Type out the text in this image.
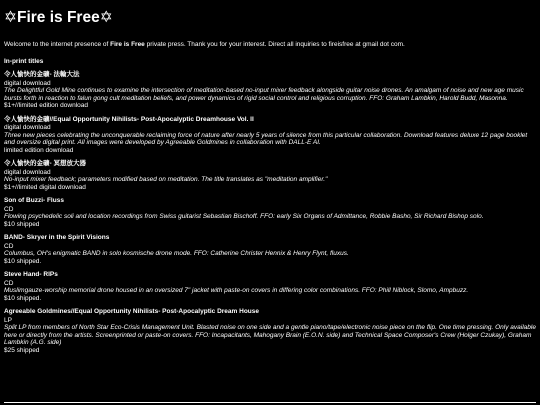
✡Fire is Free✡
Welcome to the internet presence of Fire is Free private press. Thank you for your interest. Direct all inquiries to fireisfree at gmail dot com.
In-print titles
令人愉快的金礦- 法輪大法
digital download
The Delightful Gold Mine continues to examine the intersection of meditation-based no-input mixer feedback alongside guitar noise drones. An amalgam of noise and new age music bursts forth in reaction to falun gong cult meditation beliefs, and power dynamics of rigid social control and religious corruption. FFO: Graham Lambkin, Harold Budd, Masonna.
$1+//limited edition download
令人愉快的金礦//Equal Opportunity Nihilists- Post-Apocalyptic Dreamhouse Vol. II
digital download
Three new pieces celebrating the unconquerable reclaiming force of nature after nearly 5 years of silence from this particular collaboration. Download features deluxe 12 page booklet and oversize digital print. All images were developed by Agreeable Goldmines in collaboration with DALL-E AI.
limited edition download
令人愉快的金礦- 冥想放大器
digital download
No-input mixer feedback; parameters modified based on meditation. The title translates as "meditation amplifier."
$1+//limited digital download
Son of Buzzi- Fluss
CD
Flowing psychedelic soli and location recordings from Swiss guitarist Sebastian Bischoff. FFO: early Six Organs of Admittance, Robbie Basho, Sir Richard Bishop solo.
$10 shipped
BAND- Skryer in the Spirit Visions
CD
Columbus, OH's enigmatic BAND in solo kosmische drone mode. FFO: Catherine Christer Hennix & Henry Flynt, fluxus.
$10 shipped.
Steve Hand- RIPs
CD
Muslimgauze-worship memorial drone housed in an oversized 7" jacket with paste-on covers in differing color combinations. FFO: Phill Niblock, Slomo, Ampbuzz.
$10 shipped.
Agreeable Goldmines//Equal Opportunity Nihilists- Post-Apocalyptic Dream House
LP
Split LP from members of North Star Eco-Crisis Management Unit. Blasted noise on one side and a gentle piano/tape/electronic noise piece on the flip. One time pressing. Only available here or directly from the artists. Screenprinted or paste-on covers. FFO: Incapacitants, Mahogany Brain (E.O.N. side) and Technical Space Composer's Crew (Holger Czukay), Graham Lambkin (A.G. side)
$25 shipped
